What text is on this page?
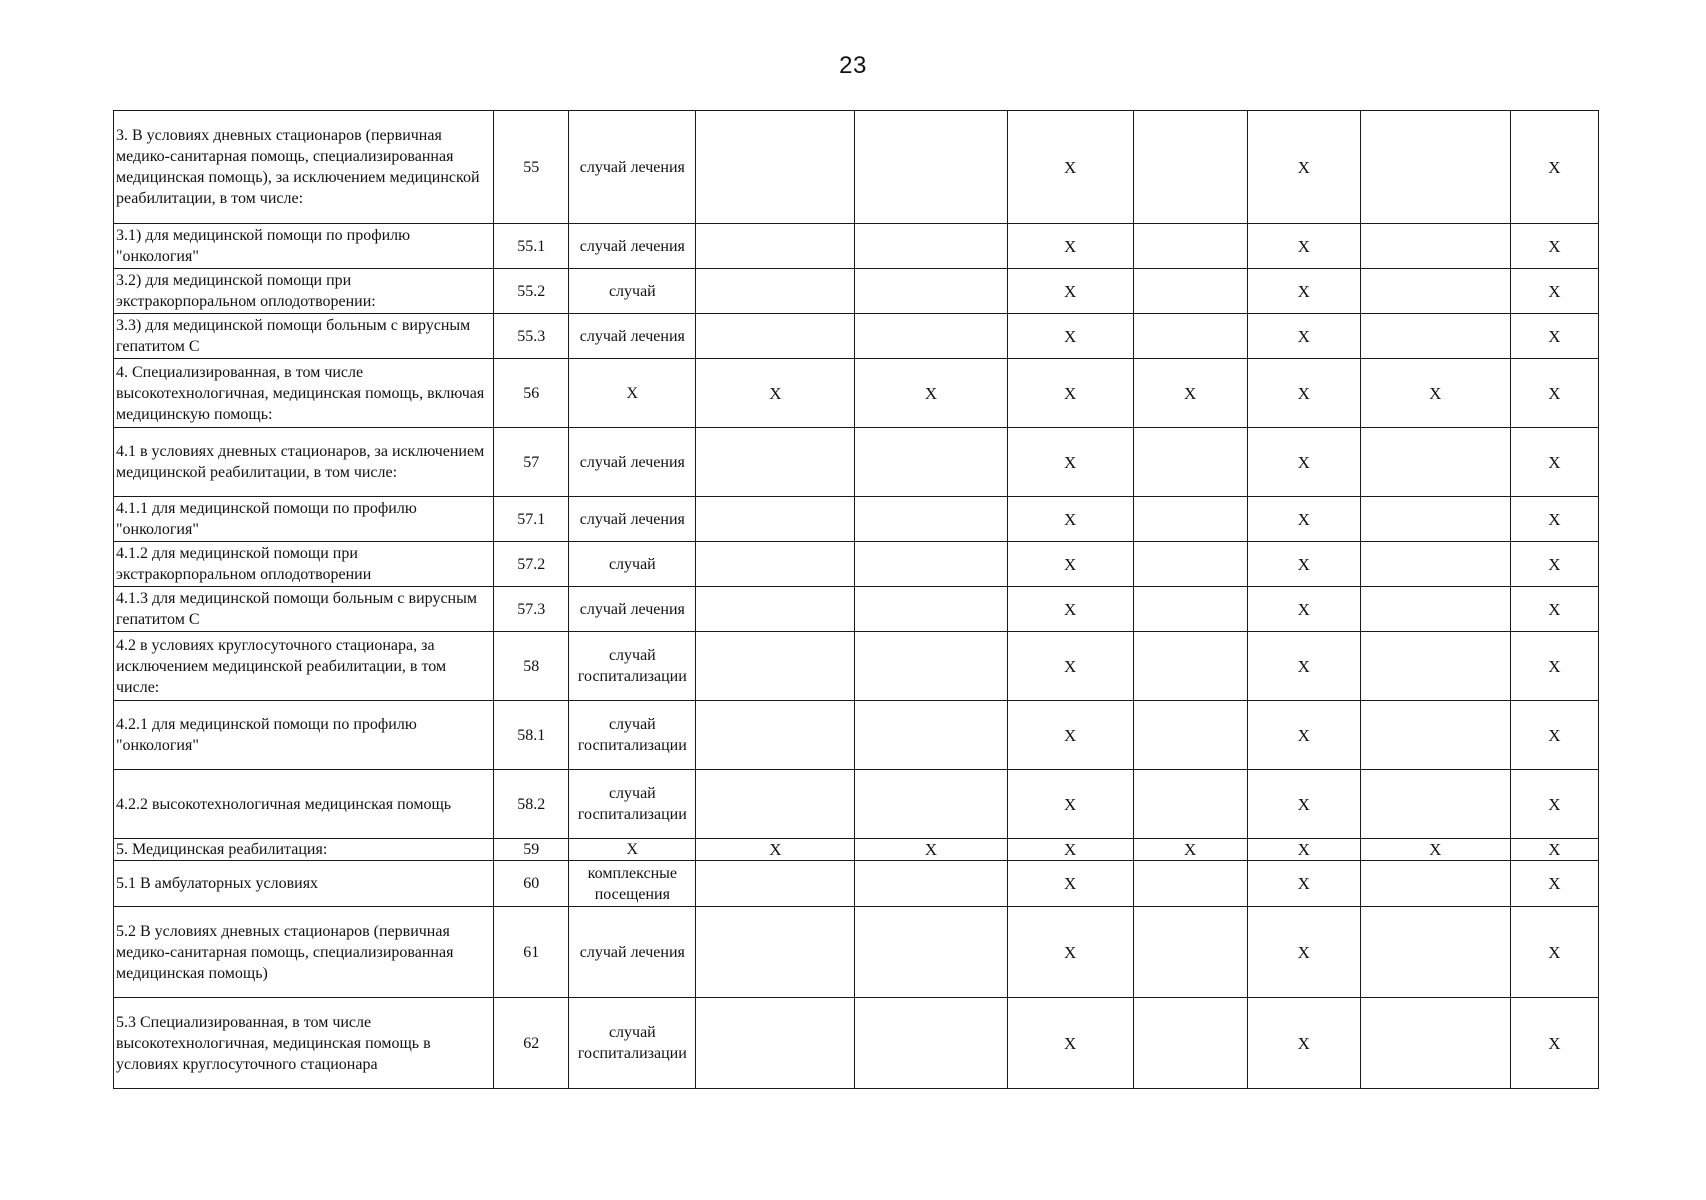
23
3. В условиях дневных стационаров (первичная медико-санитарная помощь, специализированная медицинская помощь), за исключением медицинской реабилитации, в том числе:	55	случай лечения			X		X		X
3.1) для медицинской помощи по профилю "онкология"	55.1	случай лечения			X		X		X
3.2) для медицинской помощи при экстракорпоральном оплодотворении:	55.2	случай			X		X		X
3.3) для медицинской помощи больным с вирусным гепатитом С	55.3	случай лечения			X		X		X
4. Специализированная, в том числе высокотехнологичная, медицинская помощь, включая медицинскую помощь:	56	X	X	X	X	X	X	X	X
4.1 в условиях дневных стационаров, за исключением медицинской реабилитации, в том числе:	57	случай лечения			X		X		X
4.1.1 для медицинской помощи по профилю "онкология"	57.1	случай лечения			X		X		X
4.1.2 для медицинской помощи при экстракорпоральном оплодотворении	57.2	случай			X		X		X
4.1.3 для медицинской помощи больным с вирусным гепатитом С	57.3	случай лечения			X		X		X
4.2 в условиях круглосуточного стационара, за исключением медицинской реабилитации, в том числе:	58	случай госпитализации			X		X		X
4.2.1 для медицинской помощи по профилю "онкология"	58.1	случай госпитализации			X		X		X
4.2.2 высокотехнологичная медицинская помощь	58.2	случай госпитализации			X		X		X
5. Медицинская реабилитация:	59	X	X	X	X	X	X	X	X
5.1 В амбулаторных условиях	60	комплексные посещения			X		X		X
5.2 В условиях дневных стационаров (первичная медико-санитарная помощь, специализированная медицинская помощь)	61	случай лечения			X		X		X
5.3 Специализированная, в том числе высокотехнологичная, медицинская помощь в условиях круглосуточного стационара	62	случай госпитализации			X		X		X
